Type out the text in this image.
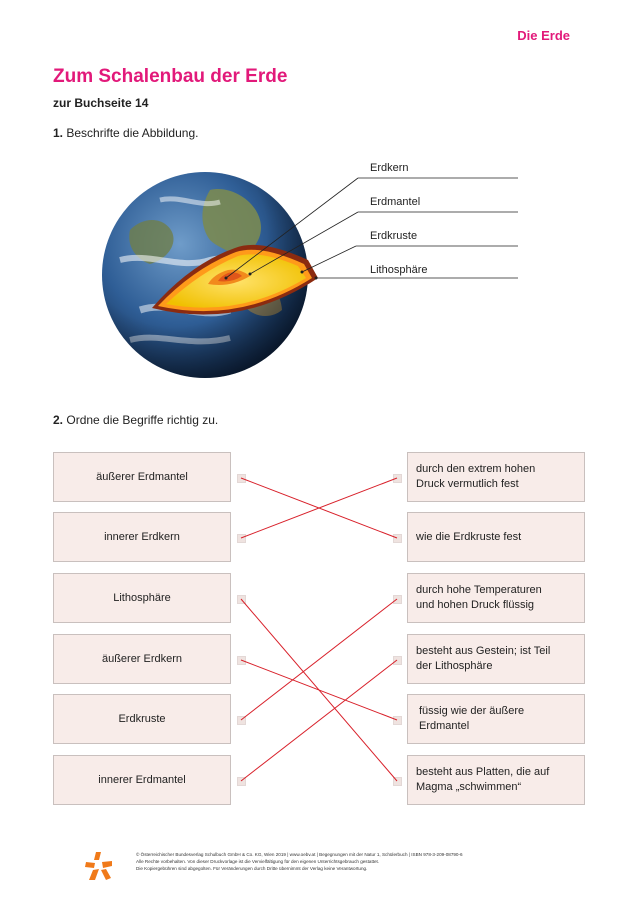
Die Erde
Zum Schalenbau der Erde
zur Buchseite 14
1. Beschrifte die Abbildung.
Erdkern
Erdmantel
Erdkruste
Lithosphäre
2. Ordne die Begriffe richtig zu.
äußerer Erdmantel
innerer Erdkern
Lithosphäre
äußerer Erdkern
Erdkruste
innerer Erdmantel
durch den extrem hohen
Druck vermutlich fest
wie die Erdkruste fest
durch hohe Temperaturen
und hohen Druck flüssig
besteht aus Gestein; ist Teil
der Lithosphäre
füssig wie der äußere
Erdmantel
besteht aus Platten, die auf
Magma „schwimmen“
© Österreichischer Bundesverlag Schulbuch GmbH & Co. KG, Wien 2019 | www.oebv.at | Begegnungen mit der Natur 1, Schülerbuch | ISBN 978-3-209-08790-6
Alle Rechte vorbehalten. Von dieser Druckvorlage ist die Vervielfältigung für den eigenen Unterrichtsgebrauch gestattet.
Die Kopiergebühren sind abgegolten. Für Veränderungen durch Dritte übernimmt der Verlag keine Verantwortung.
